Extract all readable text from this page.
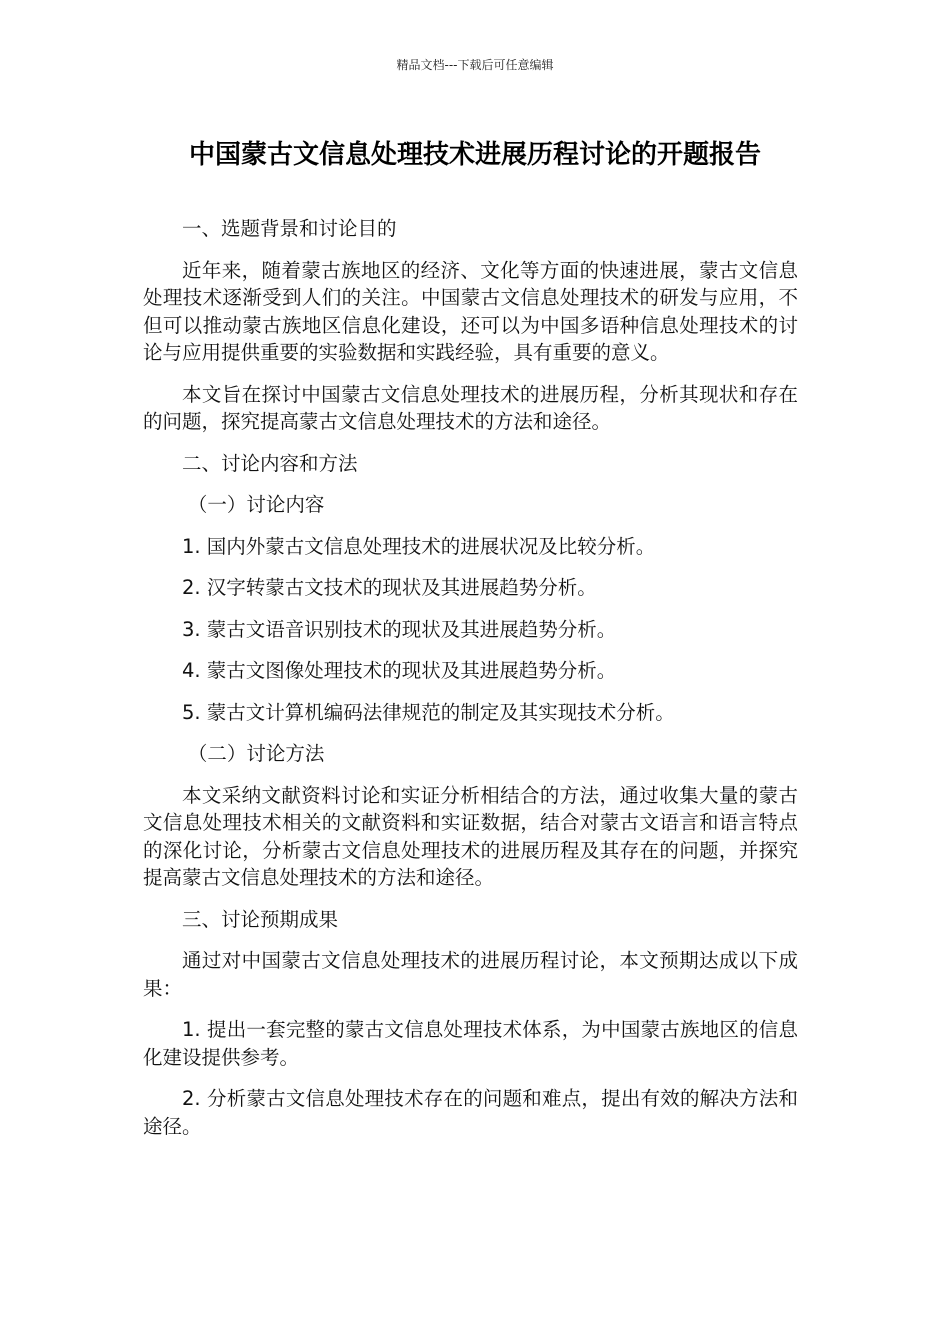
精品文档---下载后可任意编辑
中国蒙古文信息处理技术进展历程讨论的开题报告

一、选题背景和讨论目的

近年来，随着蒙古族地区的经济、文化等方面的快速进展，蒙古文信息处理技术逐渐受到人们的关注。中国蒙古文信息处理技术的研发与应用，不但可以推动蒙古族地区信息化建设，还可以为中国多语种信息处理技术的讨论与应用提供重要的实验数据和实践经验，具有重要的意义。

本文旨在探讨中国蒙古文信息处理技术的进展历程，分析其现状和存在的问题，探究提高蒙古文信息处理技术的方法和途径。

二、讨论内容和方法

（一）讨论内容

1. 国内外蒙古文信息处理技术的进展状况及比较分析。

2. 汉字转蒙古文技术的现状及其进展趋势分析。

3. 蒙古文语音识别技术的现状及其进展趋势分析。

4. 蒙古文图像处理技术的现状及其进展趋势分析。

5. 蒙古文计算机编码法律规范的制定及其实现技术分析。

（二）讨论方法

本文采纳文献资料讨论和实证分析相结合的方法，通过收集大量的蒙古文信息处理技术相关的文献资料和实证数据，结合对蒙古文语言和语言特点的深化讨论，分析蒙古文信息处理技术的进展历程及其存在的问题，并探究提高蒙古文信息处理技术的方法和途径。

三、讨论预期成果

通过对中国蒙古文信息处理技术的进展历程讨论，本文预期达成以下成果：

1. 提出一套完整的蒙古文信息处理技术体系，为中国蒙古族地区的信息化建设提供参考。

2. 分析蒙古文信息处理技术存在的问题和难点，提出有效的解决方法和途径。
